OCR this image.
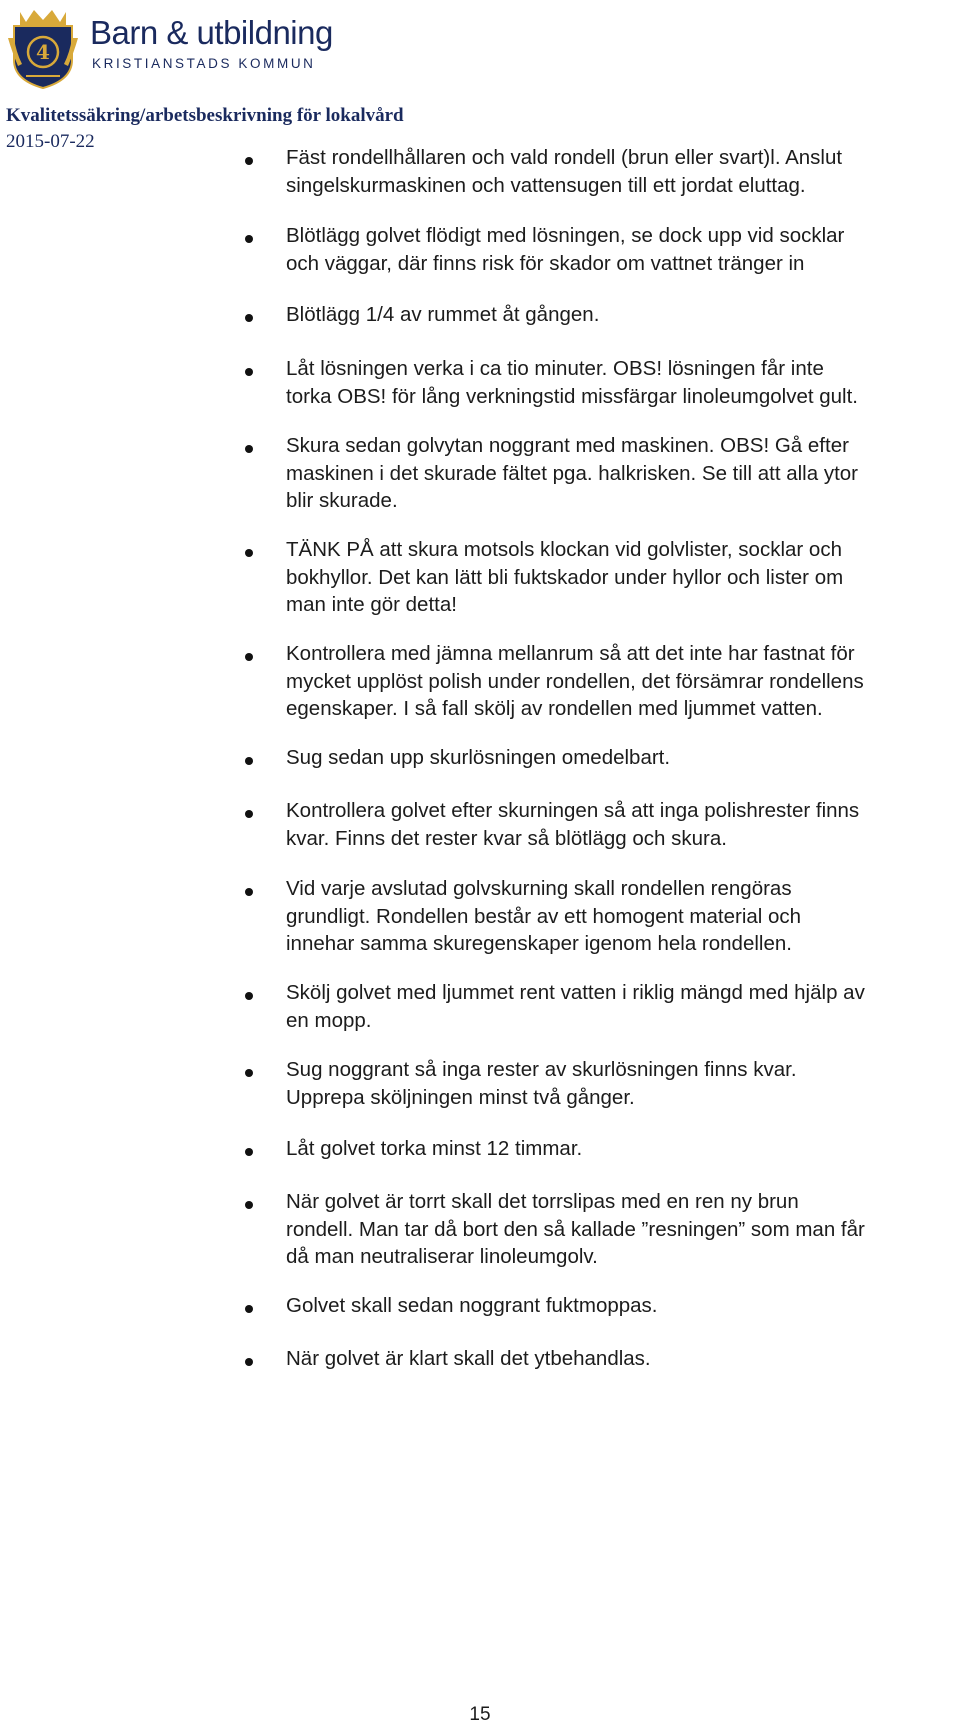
4
Barn & utbildning
KRISTIANSTADS KOMMUN
Kvalitetssäkring/arbetsbeskrivning för lokalvård
2015-07-22
Fäst rondellhållaren och vald rondell (brun eller svart)l. Anslut
singelskurmaskinen och vattensugen till ett jordat eluttag.
Blötlägg golvet flödigt med lösningen, se dock upp vid socklar
och väggar, där finns risk för skador om vattnet tränger in
Blötlägg 1/4 av rummet åt gången.
Låt lösningen verka i ca tio minuter. OBS! lösningen får inte
torka OBS! för lång verkningstid missfärgar linoleumgolvet gult.
Skura sedan golvytan noggrant med maskinen. OBS! Gå efter
maskinen i det skurade fältet pga. halkrisken. Se till att alla ytor
blir skurade.
TÄNK PÅ att skura motsols klockan vid golvlister, socklar och
bokhyllor. Det kan lätt bli fuktskador under hyllor och lister om
man inte gör detta!
Kontrollera med jämna mellanrum så att det inte har fastnat för
mycket upplöst polish under rondellen, det försämrar rondellens
egenskaper. I så fall skölj av rondellen med ljummet vatten.
Sug sedan upp skurlösningen omedelbart.
Kontrollera golvet efter skurningen så att inga polishrester finns
kvar. Finns det rester kvar så blötlägg och skura.
Vid varje avslutad golvskurning skall rondellen rengöras
grundligt. Rondellen består av ett homogent material och
innehar samma skuregenskaper igenom hela rondellen.
Skölj golvet med ljummet rent vatten i riklig mängd med hjälp av
en mopp.
Sug noggrant så inga rester av skurlösningen finns kvar.
Upprepa sköljningen minst två gånger.
Låt golvet torka minst 12 timmar.
När golvet är torrt skall det torrslipas med en ren ny brun
rondell. Man tar då bort den så kallade ”resningen” som man får
då man neutraliserar linoleumgolv.
Golvet skall sedan noggrant fuktmoppas.
När golvet är klart skall det ytbehandlas.
15
